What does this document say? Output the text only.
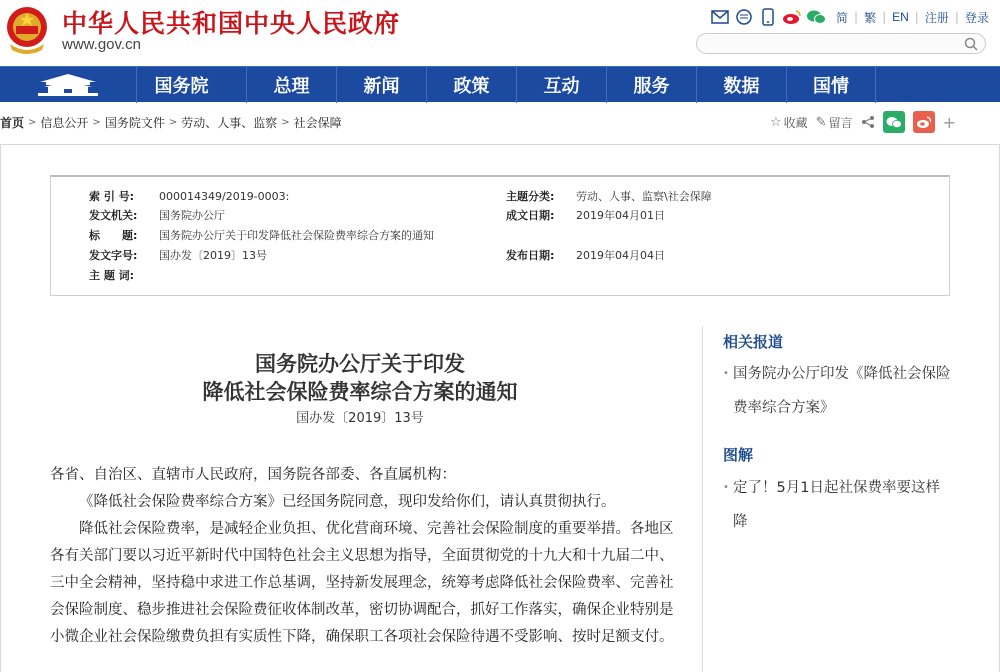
中华人民共和国中央人民政府
www.gov.cn
简 | 繁 | EN | 注册 | 登录
国务院	总理	新闻	政策	互动	服务	数据	国情
首页 > 信息公开 > 国务院文件 > 劳动、人事、监察 > 社会保障	☆ 收藏 ✎ 留言	+
索 引 号: 000014349/2019-0003:	主题分类: 劳动、人事、监察\社会保障
发文机关: 国务院办公厅	成文日期: 2019年04月01日
标　　题: 国务院办公厅关于印发降低社会保险费率综合方案的通知
发文字号: 国办发〔2019〕13号	发布日期: 2019年04月04日
主 题 词:
国务院办公厅关于印发
降低社会保险费率综合方案的通知
国办发〔2019〕13号

各省、自治区、直辖市人民政府，国务院各部委、各直属机构：

《降低社会保险费率综合方案》已经国务院同意，现印发给你们，请认真贯彻执行。

降低社会保险费率，是减轻企业负担、优化营商环境、完善社会保险制度的重要举措。各地区各有关部门要以习近平新时代中国特色社会主义思想为指导，全面贯彻党的十九大和十九届二中、三中全会精神，坚持稳中求进工作总基调，坚持新发展理念，统筹考虑降低社会保险费率、完善社会保险制度、稳步推进社会保险费征收体制改革，密切协调配合，抓好工作落实，确保企业特别是小微企业社会保险缴费负担有实质性下降，确保职工各项社会保险待遇不受影响、按时足额支付。

相关报道
• 国务院办公厅印发《降低社会保险费率综合方案》
图解
• 定了！5月1日起社保费率要这样降
